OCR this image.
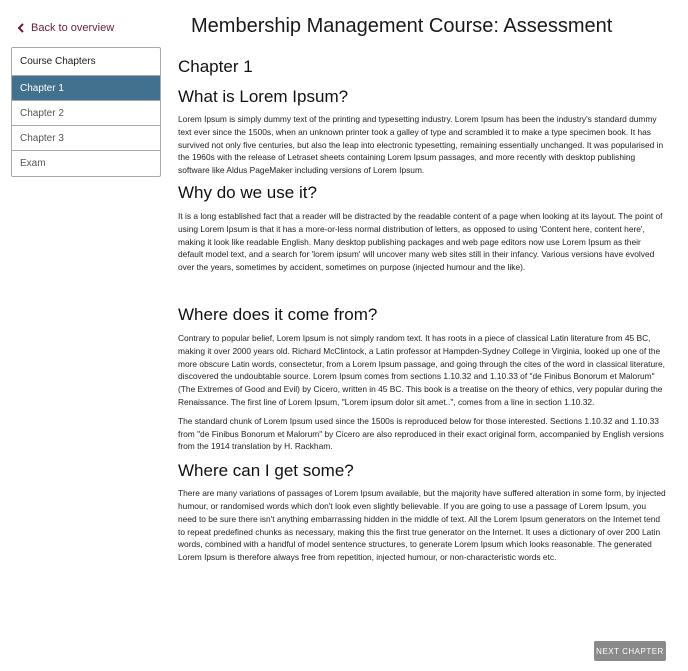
Back to overview
Course Chapters
Chapter 1
Chapter 2
Chapter 3
Exam
Membership Management Course: Assessment
Chapter 1
What is Lorem Ipsum?

Lorem Ipsum is simply dummy text of the printing and typesetting industry. Lorem Ipsum has been the industry's standard dummy text ever since the 1500s, when an unknown printer took a galley of type and scrambled it to make a type specimen book. It has survived not only five centuries, but also the leap into electronic typesetting, remaining essentially unchanged. It was popularised in the 1960s with the release of Letraset sheets containing Lorem Ipsum passages, and more recently with desktop publishing software like Aldus PageMaker including versions of Lorem Ipsum.

Why do we use it?

It is a long established fact that a reader will be distracted by the readable content of a page when looking at its layout. The point of using Lorem Ipsum is that it has a more-or-less normal distribution of letters, as opposed to using 'Content here, content here', making it look like readable English. Many desktop publishing packages and web page editors now use Lorem Ipsum as their default model text, and a search for 'lorem ipsum' will uncover many web sites still in their infancy. Various versions have evolved over the years, sometimes by accident, sometimes on purpose (injected humour and the like).

Where does it come from?

Contrary to popular belief, Lorem Ipsum is not simply random text. It has roots in a piece of classical Latin literature from 45 BC, making it over 2000 years old. Richard McClintock, a Latin professor at Hampden-Sydney College in Virginia, looked up one of the more obscure Latin words, consectetur, from a Lorem Ipsum passage, and going through the cites of the word in classical literature, discovered the undoubtable source. Lorem Ipsum comes from sections 1.10.32 and 1.10.33 of "de Finibus Bonorum et Malorum" (The Extremes of Good and Evil) by Cicero, written in 45 BC. This book is a treatise on the theory of ethics, very popular during the Renaissance. The first line of Lorem Ipsum, "Lorem ipsum dolor sit amet..", comes from a line in section 1.10.32.

The standard chunk of Lorem Ipsum used since the 1500s is reproduced below for those interested. Sections 1.10.32 and 1.10.33 from "de Finibus Bonorum et Malorum" by Cicero are also reproduced in their exact original form, accompanied by English versions from the 1914 translation by H. Rackham.

Where can I get some?

There are many variations of passages of Lorem Ipsum available, but the majority have suffered alteration in some form, by injected humour, or randomised words which don't look even slightly believable. If you are going to use a passage of Lorem Ipsum, you need to be sure there isn't anything embarrassing hidden in the middle of text. All the Lorem Ipsum generators on the Internet tend to repeat predefined chunks as necessary, making this the first true generator on the Internet. It uses a dictionary of over 200 Latin words, combined with a handful of model sentence structures, to generate Lorem Ipsum which looks reasonable. The generated Lorem Ipsum is therefore always free from repetition, injected humour, or non-characteristic words etc.

NEXT CHAPTER
